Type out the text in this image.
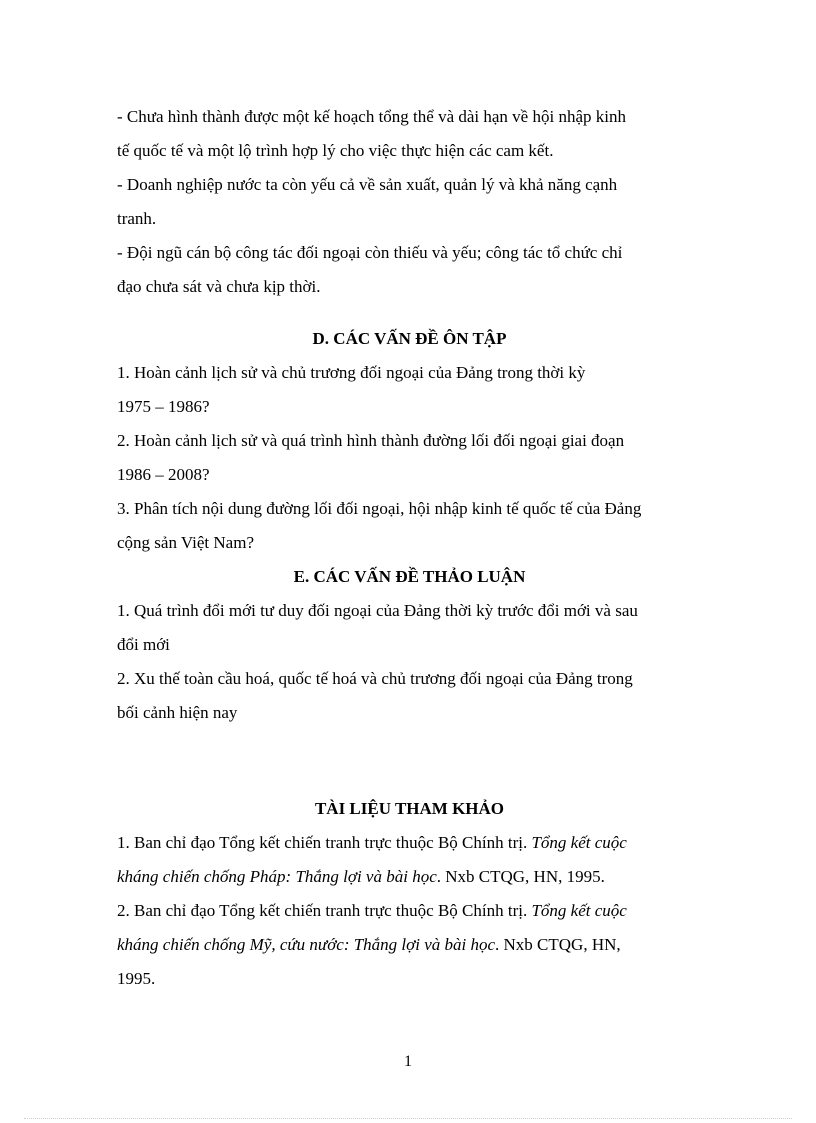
- Chưa hình thành được một kế hoạch tổng thể và dài hạn về hội nhập kinh
tế quốc tế và một lộ trình hợp lý cho việc thực hiện các cam kết.
- Doanh nghiệp nước ta còn yếu cả về sản xuất, quản lý và khả năng cạnh
tranh.
- Đội ngũ cán bộ công tác đối ngoại còn thiếu và yếu; công tác tổ chức chỉ
đạo chưa sát và chưa kịp thời.
D. CÁC VẤN ĐỀ ÔN TẬP
1. Hoàn cảnh lịch sử và chủ trương đối ngoại của Đảng trong thời kỳ
1975 – 1986?
2. Hoàn cảnh lịch sử và quá trình hình thành đường lối đối ngoại giai đoạn
1986 – 2008?
3. Phân tích nội dung đường lối đối ngoại, hội nhập kinh tế quốc tế của Đảng
cộng sản Việt Nam?
E. CÁC VẤN ĐỀ THẢO LUẬN
1. Quá trình đổi mới tư duy đối ngoại của Đảng thời kỳ trước đổi mới và sau
đổi mới
2. Xu thế toàn cầu hoá, quốc tế hoá và chủ trương đối ngoại của Đảng trong
bối cảnh hiện nay
TÀI LIỆU THAM KHẢO
1. Ban chỉ đạo Tổng kết chiến tranh trực thuộc Bộ Chính trị. Tổng kết cuộc
kháng chiến chống Pháp: Thắng lợi và bài học. Nxb CTQG, HN, 1995.
2. Ban chỉ đạo Tổng kết chiến tranh trực thuộc Bộ Chính trị. Tổng kết cuộc
kháng chiến chống Mỹ, cứu nước: Thắng lợi và bài học. Nxb CTQG, HN,
1995.
1
